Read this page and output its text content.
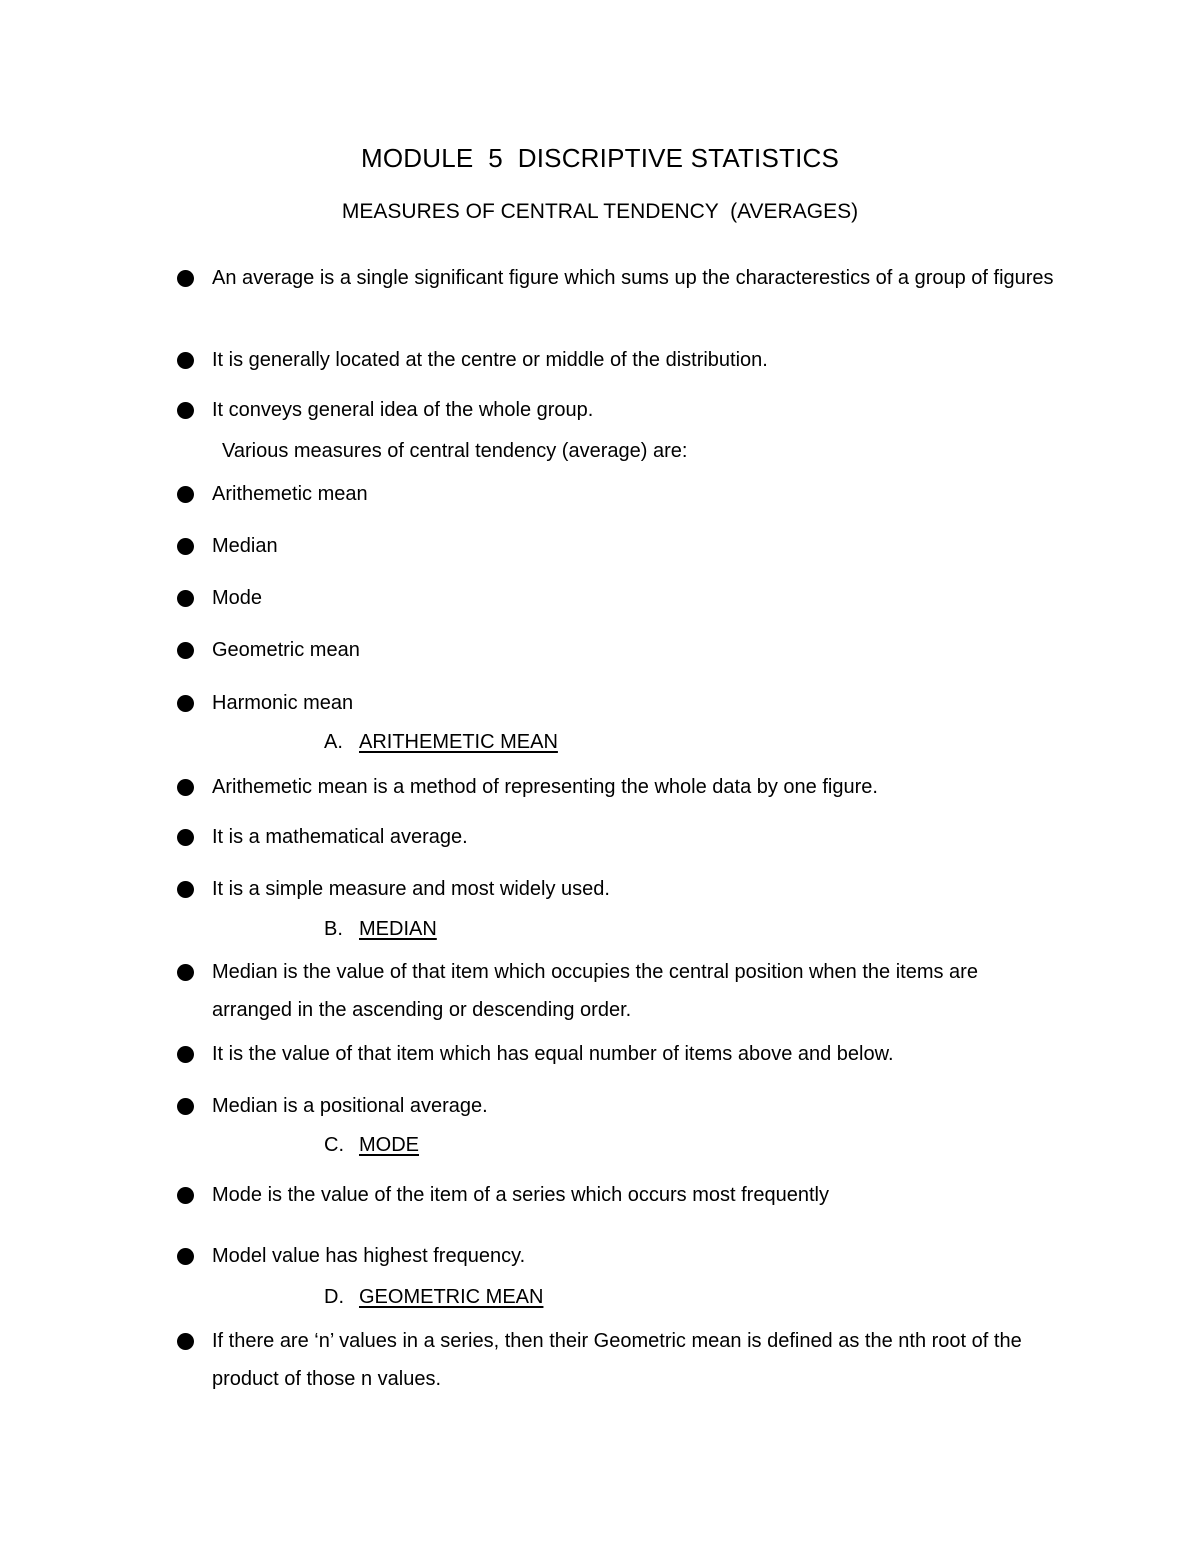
MODULE  5  DISCRIPTIVE STATISTICS
MEASURES OF CENTRAL TENDENCY  (AVERAGES)
An average is a single significant figure which sums up the characterestics of a group of figures
It is generally located at the centre or middle of the distribution.
It conveys general idea of the whole group.
Various measures of central tendency (average) are:
Arithemetic mean
Median
Mode
Geometric mean
Harmonic mean
A. ARITHEMETIC MEAN
Arithemetic mean is a method of representing the whole data by one figure.
It is a mathematical average.
It is a simple measure and most widely used.
B. MEDIAN
Median is the value of that item which occupies the central position when the items are arranged in the ascending or descending order.
It is the value of that item which has equal number of items above and below.
Median is a positional average.
C. MODE
Mode is the value of the item of a series which occurs most frequently
Model value has highest frequency.
D. GEOMETRIC MEAN
If there are ‘n’ values in a series, then their Geometric mean is defined as the nth root of the product of those n values.
